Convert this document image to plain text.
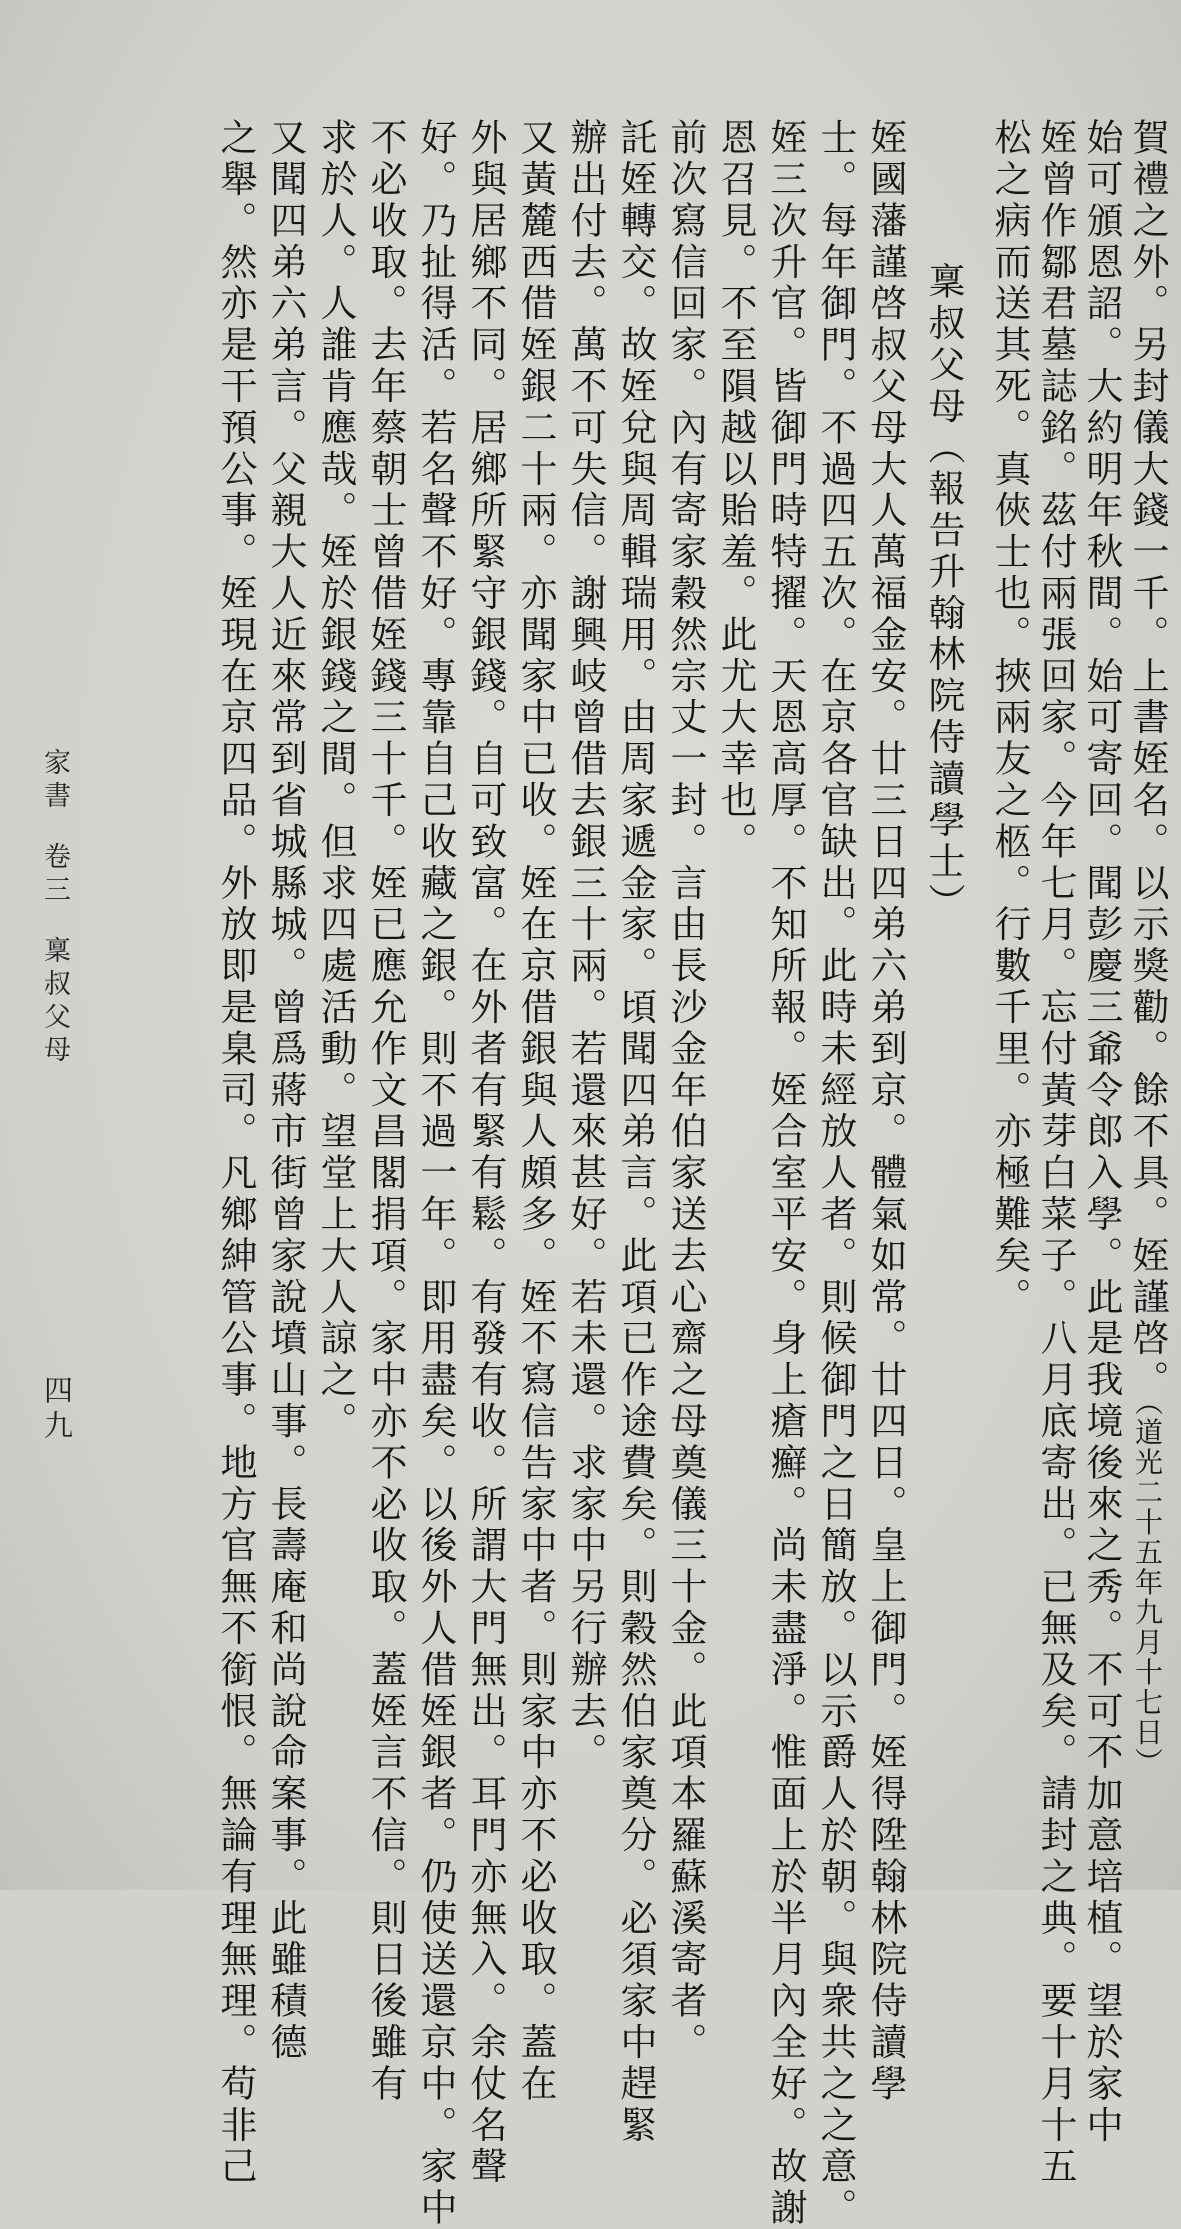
松之病而送其死。真俠士也。挾兩友之柩。行數千里。亦極難矣。 姪曾作鄒君墓誌銘。茲付兩張回家。今年七月。忘付黃芽白菜子。八月底寄出。已無及矣。請封之典。要十月十五 始可頒恩詔。大約明年秋間。始可寄回。聞彭慶三爺令郎入學。此是我境後來之秀。不可不加意培植。望於家中 賀禮之外。另封儀大錢一千。上書姪名。以示獎勸。餘不具。姪謹啓。（道光二十五年九月十七日）
稟叔父母（報告升翰林院侍讀學士）
姪國藩謹啓叔父母大人萬福金安。廿三日四弟六弟到京。體氣如常。廿四日。皇上御門。姪得陞翰林院侍讀學
士。每年御門。不過四五次。在京各官缺出。此時未經放人者。則候御門之日簡放。以示爵人於朝。與衆共之之意。
姪三次升官。皆御門時特擢。天恩高厚。不知所報。姪合室平安。身上瘡癬。尚未盡淨。惟面上於半月內全好。故謝
恩召見。不至隕越以貽羞。此尤大幸也。
前次寫信回家。內有寄家穀然宗丈一封。言由長沙金年伯家送去心齋之母奠儀三十金。此項本羅蘇溪寄者。
託姪轉交。故姪兌與周輯瑞用。由周家遞金家。頃聞四弟言。此項已作途費矣。則穀然伯家奠分。必須家中趕緊
辦出付去。萬不可失信。謝興岐曾借去銀三十兩。若還來甚好。若未還。求家中另行辦去。
又黃麓西借姪銀二十兩。亦聞家中已收。姪在京借銀與人頗多。姪不寫信告家中者。則家中亦不必收取。蓋在
外與居鄉不同。居鄉所緊守銀錢。自可致富。在外者有緊有鬆。有發有收。所謂大門無出。耳門亦無入。余仗名聲
好。乃扯得活。若名聲不好。專靠自己收藏之銀。則不過一年。即用盡矣。以後外人借姪銀者。仍使送還京中。家中
不必收取。去年蔡朝士曾借姪錢三十千。姪已應允作文昌閣捐項。家中亦不必收取。蓋姪言不信。則日後雖有
求於人。人誰肯應哉。姪於銀錢之間。但求四處活動。望堂上大人諒之。
又聞四弟六弟言。父親大人近來常到省城縣城。曾爲蔣市街曾家說墳山事。長壽庵和尚說命案事。此雖積德
之舉。然亦是干預公事。姪現在京四品。外放即是臬司。凡鄉紳管公事。地方官無不銜恨。無論有理無理。苟非己
家書卷三稟叔父母
四九
